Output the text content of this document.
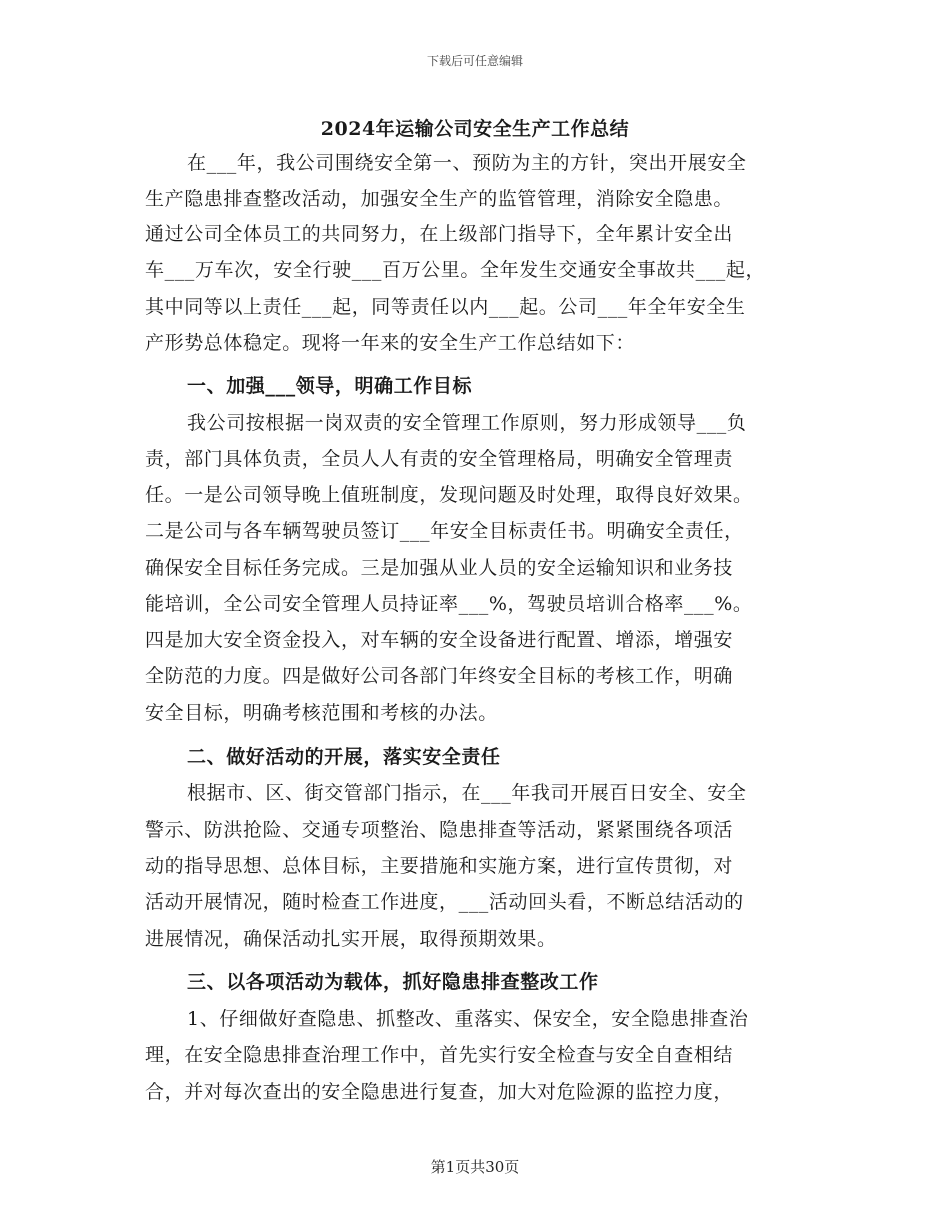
下载后可任意编辑
2024年运输公司安全生产工作总结
在___年，我公司围绕安全第一、预防为主的方针，突出开展安全
生产隐患排查整改活动，加强安全生产的监管管理，消除安全隐患。
通过公司全体员工的共同努力，在上级部门指导下，全年累计安全出
车___万车次，安全行驶___百万公里。全年发生交通安全事故共___起，
其中同等以上责任___起，同等责任以内___起。公司___年全年安全生
产形势总体稳定。现将一年来的安全生产工作总结如下：
一、加强___领导，明确工作目标
我公司按根据一岗双责的安全管理工作原则，努力形成领导___负
责，部门具体负责，全员人人有责的安全管理格局，明确安全管理责
任。一是公司领导晚上值班制度，发现问题及时处理，取得良好效果。
二是公司与各车辆驾驶员签订___年安全目标责任书。明确安全责任，
确保安全目标任务完成。三是加强从业人员的安全运输知识和业务技
能培训，全公司安全管理人员持证率___%，驾驶员培训合格率___%。
四是加大安全资金投入，对车辆的安全设备进行配置、增添，增强安
全防范的力度。四是做好公司各部门年终安全目标的考核工作，明确
安全目标，明确考核范围和考核的办法。
二、做好活动的开展，落实安全责任
根据市、区、街交管部门指示，在___年我司开展百日安全、安全
警示、防洪抢险、交通专项整治、隐患排查等活动，紧紧围绕各项活
动的指导思想、总体目标，主要措施和实施方案，进行宣传贯彻，对
活动开展情况，随时检查工作进度，___活动回头看，不断总结活动的
进展情况，确保活动扎实开展，取得预期效果。
三、以各项活动为载体，抓好隐患排查整改工作
1、仔细做好查隐患、抓整改、重落实、保安全，安全隐患排查治
理，在安全隐患排查治理工作中，首先实行安全检查与安全自查相结
合，并对每次查出的安全隐患进行复查，加大对危险源的监控力度，
第1页共30页
